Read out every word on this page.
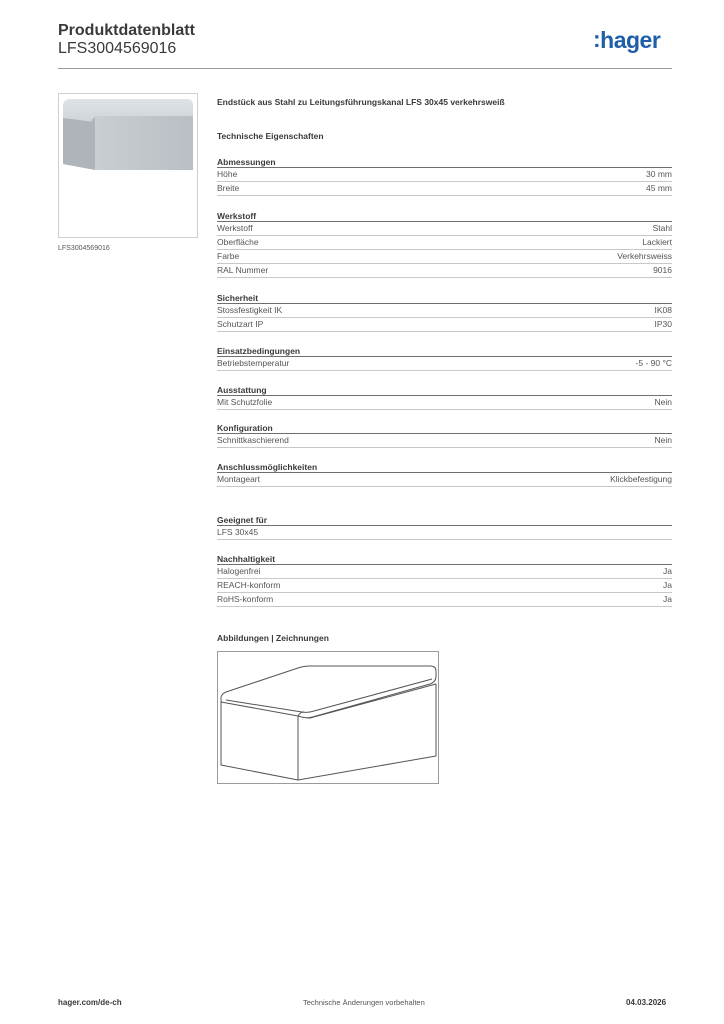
Produktdatenblatt
LFS3004569016	:hager
LFS3004569016
Endstück aus Stahl zu Leitungsführungskanal LFS 30x45 verkehrsweiß
Technische Eigenschaften
Abmessungen
Höhe	30 mm
Breite	45 mm
Werkstoff
Werkstoff	Stahl
Oberfläche	Lackiert
Farbe	Verkehrsweiss
RAL Nummer	9016
Sicherheit
Stossfestigkeit IK	IK08
Schutzart IP	IP30
Einsatzbedingungen
Betriebstemperatur	-5 - 90 °C
Ausstattung
Mit Schutzfolie	Nein
Konfiguration
Schnittkaschierend	Nein
Anschlussmöglichkeiten
Montageart	Klickbefestigung
Geeignet für
LFS 30x45
Nachhaltigkeit
Halogenfrei	Ja
REACH-konform	Ja
RoHS-konform	Ja
Abbildungen | Zeichnungen
hager.com/de-ch	Technische Änderungen vorbehalten	04.03.2026
